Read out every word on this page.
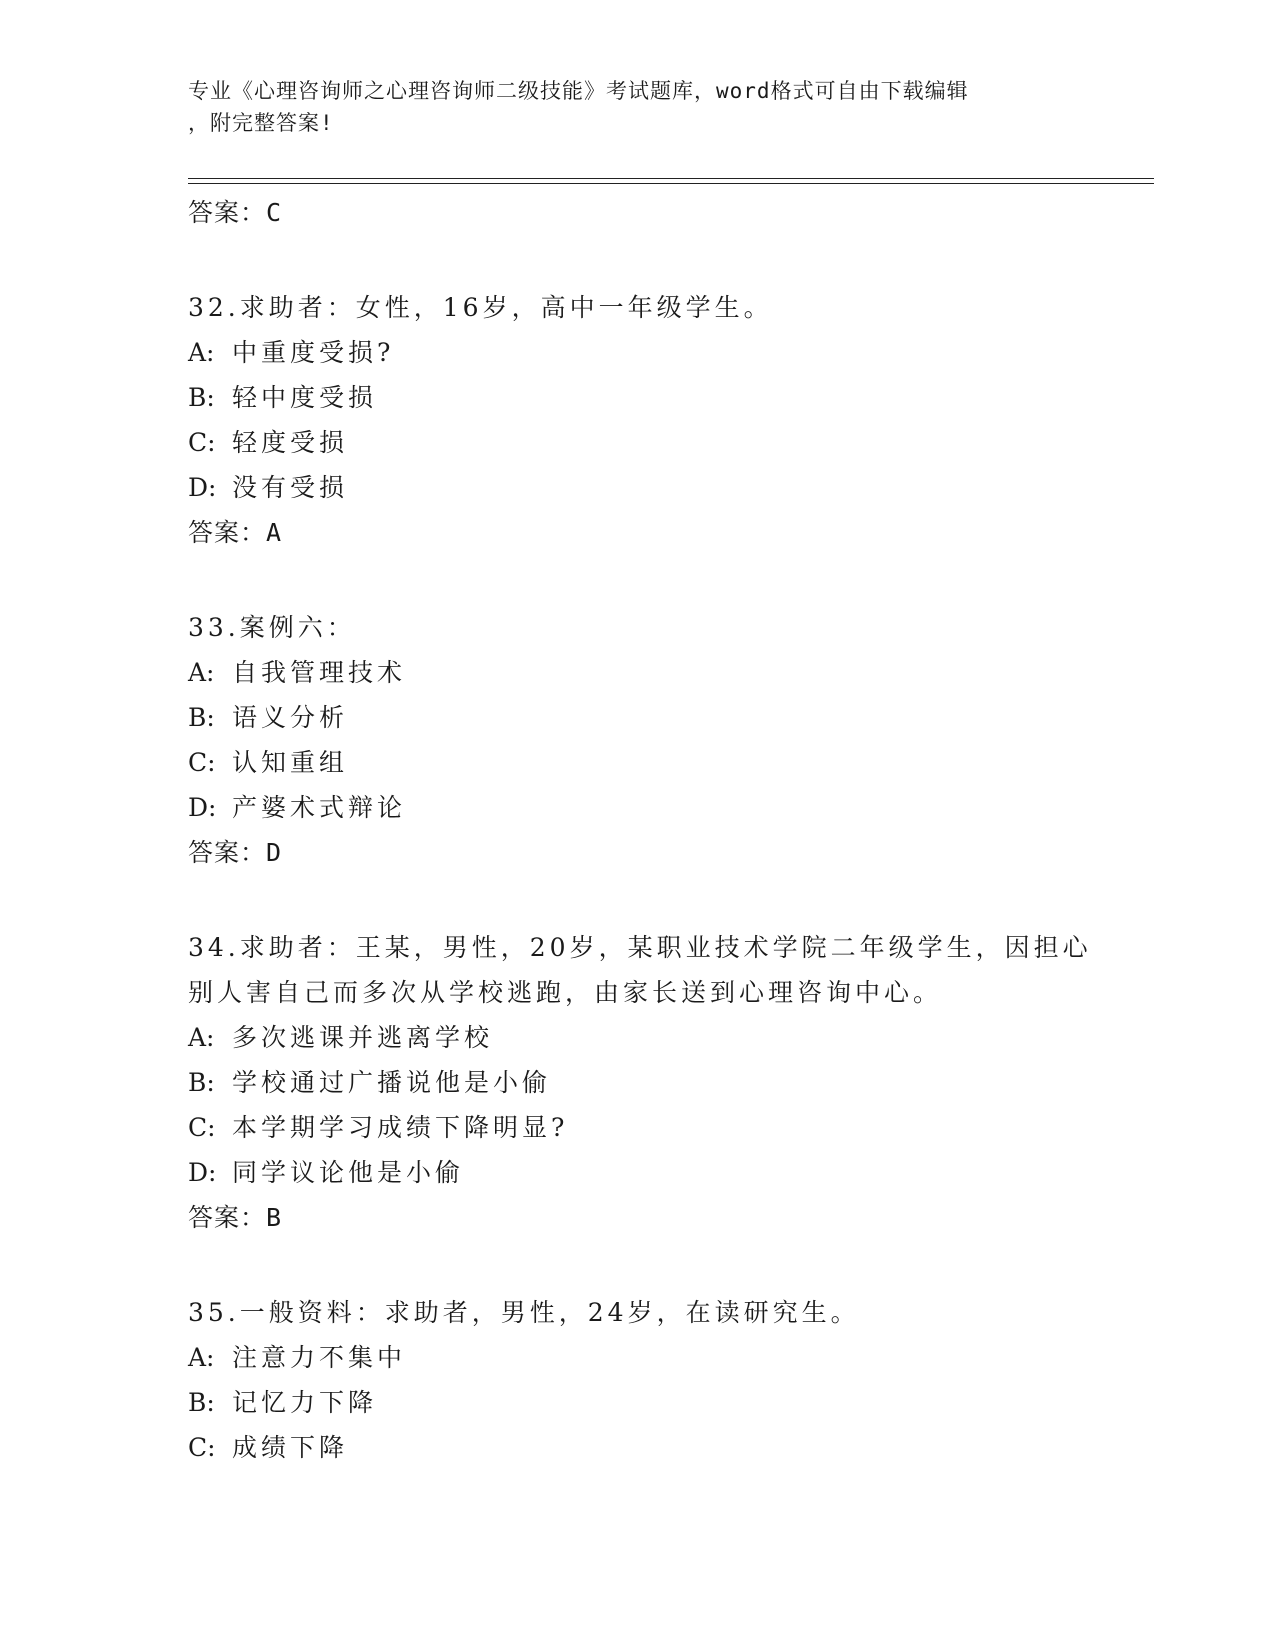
专业《心理咨询师之心理咨询师二级技能》考试题库，word格式可自由下载编辑
，附完整答案!
答案：C
32.求助者：女性，16岁，高中一年级学生。
A: 中重度受损?
B: 轻中度受损
C: 轻度受损
D: 没有受损
答案：A
33.案例六：
A: 自我管理技术
B: 语义分析
C: 认知重组
D: 产婆术式辩论
答案：D
34.求助者：王某，男性，20岁，某职业技术学院二年级学生，因担心
别人害自己而多次从学校逃跑，由家长送到心理咨询中心。
A: 多次逃课并逃离学校
B: 学校通过广播说他是小偷
C: 本学期学习成绩下降明显?
D: 同学议论他是小偷
答案：B
35.一般资料：求助者，男性，24岁，在读研究生。
A: 注意力不集中
B: 记忆力下降
C: 成绩下降
